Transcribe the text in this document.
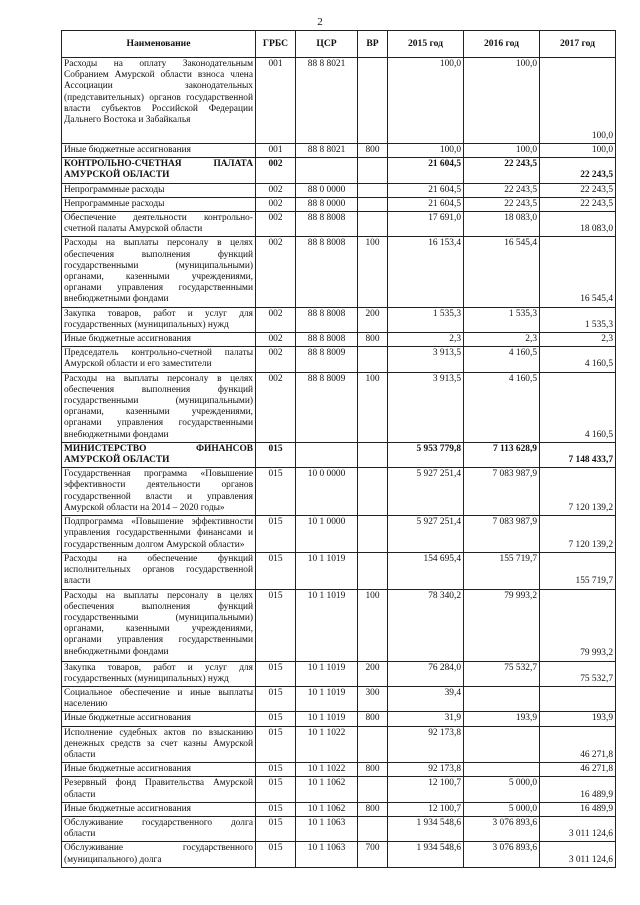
2
Наименование	ГРБС	ЦСР	ВР	2015 год	2016 год	2017 год
Расходы на оплату Законодательным Собранием Амурской области взноса члена Ассоциации законодательных (представительных) органов государственной власти субъектов Российской Федерации Дальнего Востока и Забайкалья	001	88 8 8021		100,0	100,0	100,0
Иные бюджетные ассигнования	001	88 8 8021	800	100,0	100,0	100,0
КОНТРОЛЬНО-СЧЕТНАЯ ПАЛАТА АМУРСКОЙ ОБЛАСТИ	002			21 604,5	22 243,5	22 243,5
Непрограммные расходы	002	88 0 0000		21 604,5	22 243,5	22 243,5
Непрограммные расходы	002	88 8 0000		21 604,5	22 243,5	22 243,5
Обеспечение деятельности контрольно-счетной палаты Амурской области	002	88 8 8008		17 691,0	18 083,0	18 083,0
Расходы на выплаты персоналу в целях обеспечения выполнения функций государственными (муниципальными) органами, казенными учреждениями, органами управления государственными внебюджетными фондами	002	88 8 8008	100	16 153,4	16 545,4	16 545,4
Закупка товаров, работ и услуг для государственных (муниципальных) нужд	002	88 8 8008	200	1 535,3	1 535,3	1 535,3
Иные бюджетные ассигнования	002	88 8 8008	800	2,3	2,3	2,3
Председатель контрольно-счетной палаты Амурской области и его заместители	002	88 8 8009		3 913,5	4 160,5	4 160,5
Расходы на выплаты персоналу в целях обеспечения выполнения функций государственными (муниципальными) органами, казенными учреждениями, органами управления государственными внебюджетными фондами	002	88 8 8009	100	3 913,5	4 160,5	4 160,5
МИНИСТЕРСТВО ФИНАНСОВ АМУРСКОЙ ОБЛАСТИ	015			5 953 779,8	7 113 628,9	7 148 433,7
Государственная программа «Повышение эффективности деятельности органов государственной власти и управления Амурской области на 2014 – 2020 годы»	015	10 0 0000		5 927 251,4	7 083 987,9	7 120 139,2
Подпрограмма «Повышение эффективности управления государственными финансами и государственным долгом Амурской области»	015	10 1 0000		5 927 251,4	7 083 987,9	7 120 139,2
Расходы на обеспечение функций исполнительных органов государственной власти	015	10 1 1019		154 695,4	155 719,7	155 719,7
Расходы на выплаты персоналу в целях обеспечения выполнения функций государственными (муниципальными) органами, казенными учреждениями, органами управления государственными внебюджетными фондами	015	10 1 1019	100	78 340,2	79 993,2	79 993,2
Закупка товаров, работ и услуг для государственных (муниципальных) нужд	015	10 1 1019	200	76 284,0	75 532,7	75 532,7
Социальное обеспечение и иные выплаты населению	015	10 1 1019	300	39,4		
Иные бюджетные ассигнования	015	10 1 1019	800	31,9	193,9	193,9
Исполнение судебных актов по взысканию денежных средств за счет казны Амурской области	015	10 1 1022		92 173,8		46 271,8
Иные бюджетные ассигнования	015	10 1 1022	800	92 173,8		46 271,8
Резервный фонд Правительства Амурской области	015	10 1 1062		12 100,7	5 000,0	16 489,9
Иные бюджетные ассигнования	015	10 1 1062	800	12 100,7	5 000,0	16 489,9
Обслуживание государственного долга области	015	10 1 1063		1 934 548,6	3 076 893,6	3 011 124,6
Обслуживание государственного (муниципального) долга	015	10 1 1063	700	1 934 548,6	3 076 893,6	3 011 124,6
